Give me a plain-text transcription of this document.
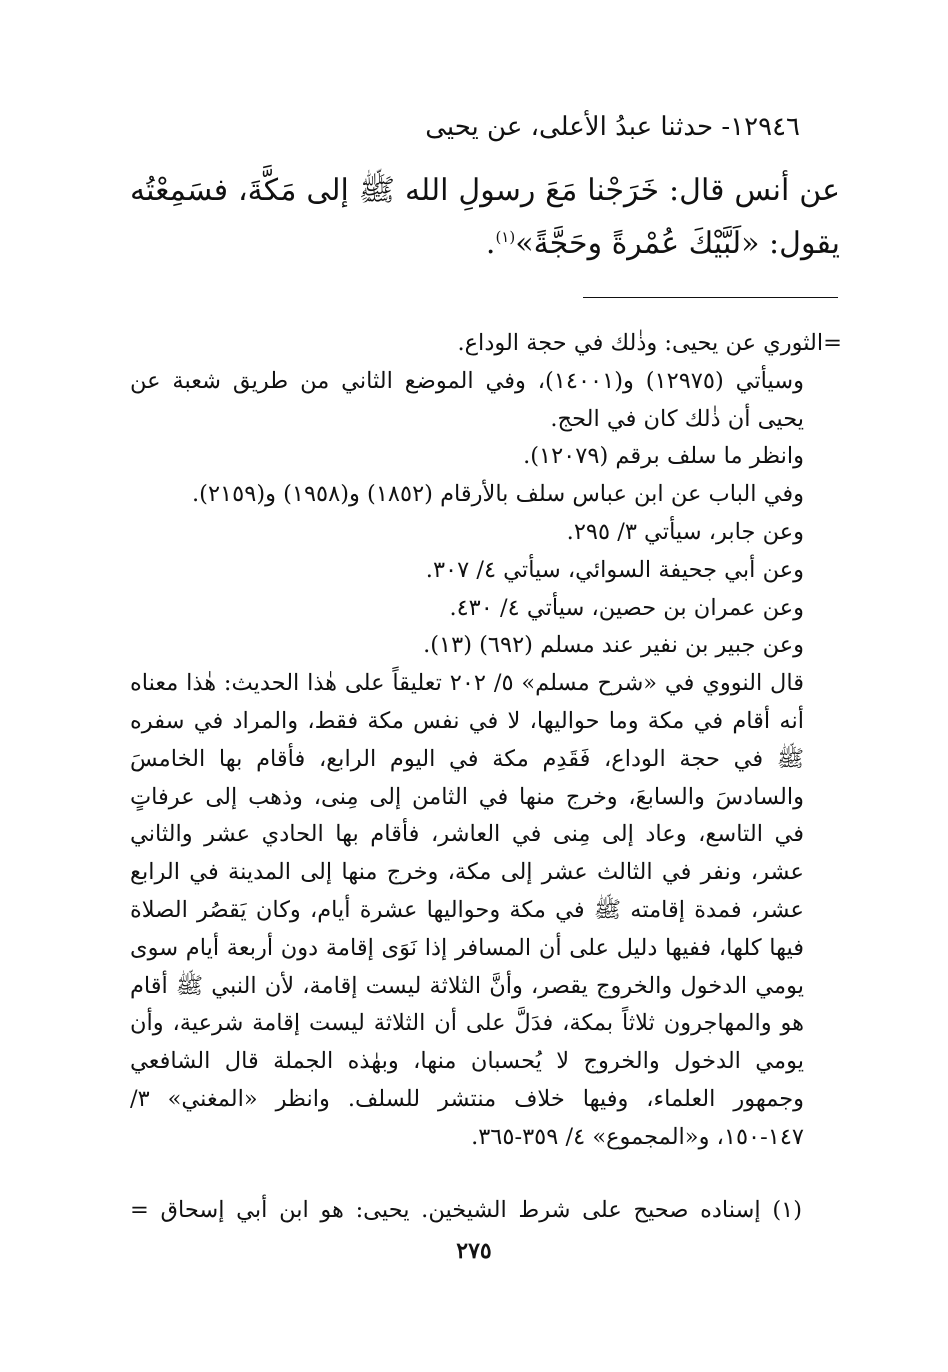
١٢٩٤٦- حدثنا عبدُ الأعلى، عن يحيى
عن أنس قال: خَرَجْنا مَعَ رسولِ الله ﷺ إلى مَكَّةَ، فسَمِعْتُه
يقول: «لَبَّيْكَ عُمْرةً وحَجَّةً»$^{(١)}$.

=الثوري عن يحيى: وذٰلك في حجة الوداع.

وسيأتي (١٢٩٧٥) و(١٤٠٠١)، وفي الموضع الثاني من طريق شعبة عن يحيى أن ذٰلك كان في الحج.

وانظر ما سلف برقم (١٢٠٧٩).

وفي الباب عن ابن عباس سلف بالأرقام (١٨٥٢) و(١٩٥٨) و(٢١٥٩).

وعن جابر، سيأتي ٣/ ٢٩٥.

وعن أبي جحيفة السوائي، سيأتي ٤/ ٣٠٧.

وعن عمران بن حصين، سيأتي ٤/ ٤٣٠.

وعن جبير بن نفير عند مسلم (٦٩٢) (١٣).

قال النووي في «شرح مسلم» ٥/ ٢٠٢ تعليقاً على هٰذا الحديث: هٰذا معناه أنه أقام في مكة وما حواليها، لا في نفس مكة فقط، والمراد في سفره ﷺ في حجة الوداع، فَقَدِم مكة في اليوم الرابع، فأقام بها الخامسَ والسادسَ والسابعَ، وخرج منها في الثامن إلى مِنى، وذهب إلى عرفاتٍ في التاسع، وعاد إلى مِنى في العاشر، فأقام بها الحادي عشر والثاني عشر، ونفر في الثالث عشر إلى مكة، وخرج منها إلى المدينة في الرابع عشر، فمدة إقامته ﷺ في مكة وحواليها عشرة أيام، وكان يَقصُر الصلاة فيها كلها، ففيها دليل على أن المسافر إذا نَوَى إقامة دون أربعة أيام سوى يومي الدخول والخروج يقصر، وأنَّ الثلاثة ليست إقامة، لأن النبي ﷺ أقام هو والمهاجرون ثلاثاً بمكة، فدَلَّ على أن الثلاثة ليست إقامة شرعية، وأن يومي الدخول والخروج لا يُحسبان منها، وبهٰذه الجملة قال الشافعي وجمهور العلماء، وفيها خلاف منتشر للسلف. وانظر «المغني» ٣/ ١٤٧-١٥٠، و«المجموع» ٤/ ٣٥٩-٣٦٥.

(١) إسناده صحيح على شرط الشيخين. يحيى: هو ابن أبي إسحاق =
٢٧٥
